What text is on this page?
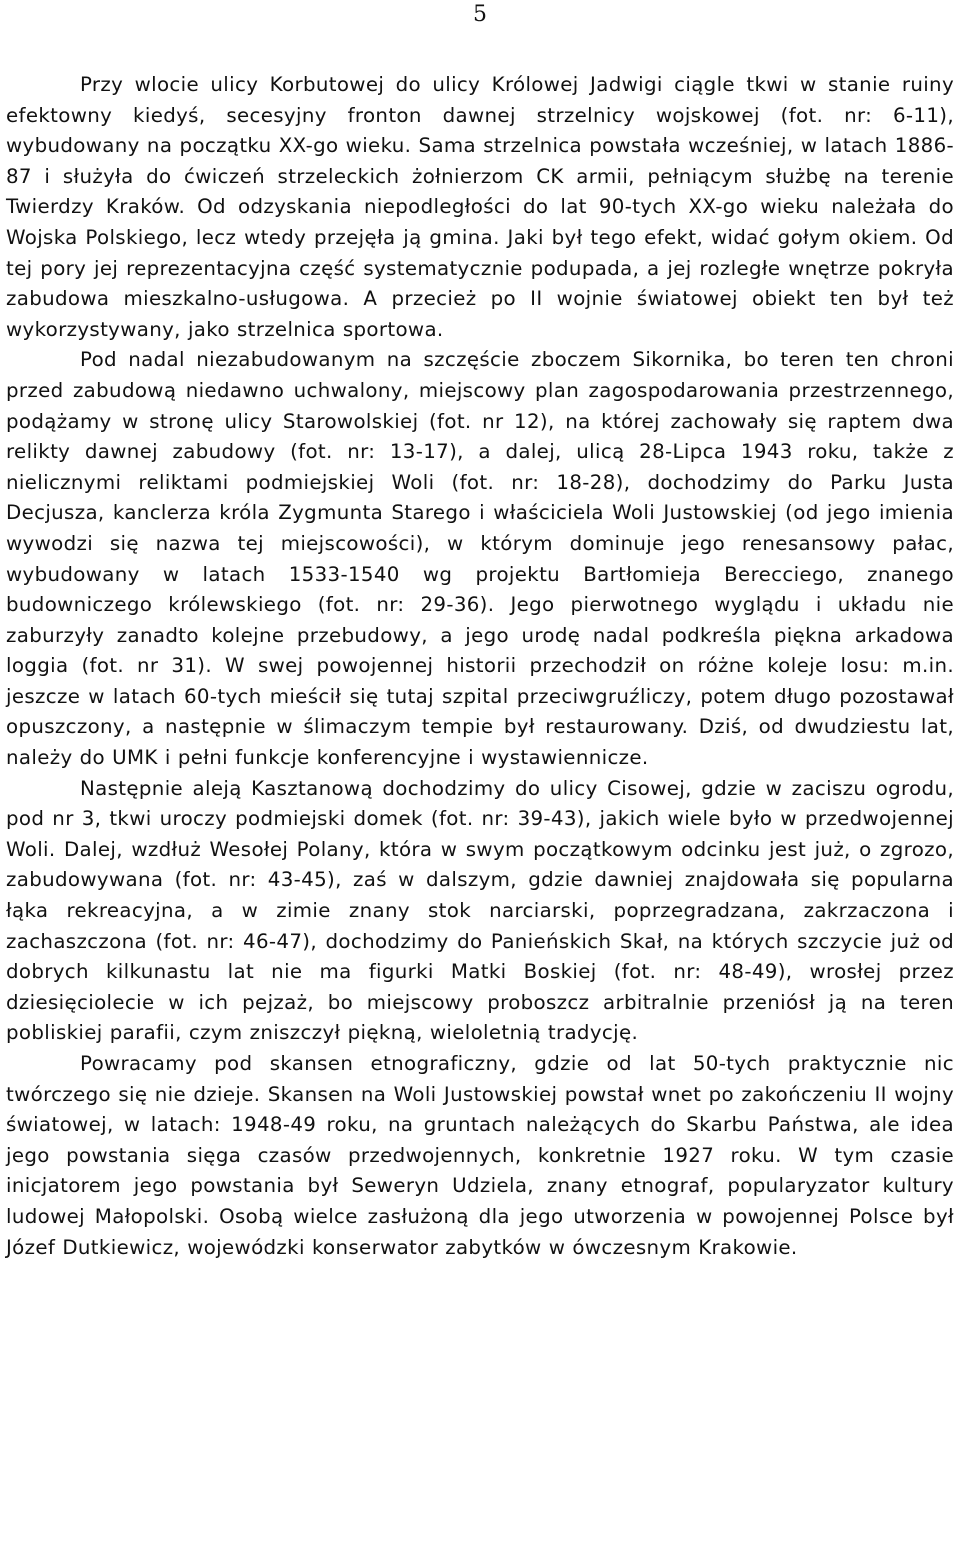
5

Przy wlocie ulicy Korbutowej do ulicy Królowej Jadwigi ciągle tkwi w stanie ruiny efektowny kiedyś, secesyjny fronton dawnej strzelnicy wojskowej (fot. nr: 6-11), wybudowany na początku XX-go wieku. Sama strzelnica powstała wcześniej, w latach 1886-87 i służyła do ćwiczeń strzeleckich żołnierzom CK armii, pełniącym służbę na terenie Twierdzy Kraków. Od odzyskania niepodległości do lat 90-tych XX-go wieku należała do Wojska Polskiego, lecz wtedy przejęła ją gmina. Jaki był tego efekt, widać gołym okiem. Od tej pory jej reprezentacyjna część systematycznie podupada, a jej rozległe wnętrze pokryła zabudowa mieszkalno-usługowa. A przecież po II wojnie światowej obiekt ten był też wykorzystywany, jako strzelnica sportowa.

Pod nadal niezabudowanym na szczęście zboczem Sikornika, bo teren ten chroni przed zabudową niedawno uchwalony, miejscowy plan zagospodarowania przestrzennego, podążamy w stronę ulicy Starowolskiej (fot. nr 12), na której zachowały się raptem dwa relikty dawnej zabudowy (fot. nr: 13-17), a dalej, ulicą 28-Lipca 1943 roku, także z nielicznymi reliktami podmiejskiej Woli (fot. nr: 18-28), dochodzimy do Parku Justa Decjusza, kanclerza króla Zygmunta Starego i właściciela Woli Justowskiej (od jego imienia wywodzi się nazwa tej miejscowości), w którym dominuje jego renesansowy pałac, wybudowany w latach 1533-1540 wg projektu Bartłomieja Berecciego, znanego budowniczego królewskiego (fot. nr: 29-36). Jego pierwotnego wyglądu i układu nie zaburzyły zanadto kolejne przebudowy, a jego urodę nadal podkreśla piękna arkadowa loggia (fot. nr 31). W swej powojennej historii przechodził on różne koleje losu: m.in. jeszcze w latach 60-tych mieścił się tutaj szpital przeciwgruźliczy, potem długo pozostawał opuszczony, a następnie w ślimaczym tempie był restaurowany. Dziś, od dwudziestu lat, należy do UMK i pełni funkcje konferencyjne i wystawiennicze.

Następnie aleją Kasztanową dochodzimy do ulicy Cisowej, gdzie w zaciszu ogrodu, pod nr 3, tkwi uroczy podmiejski domek (fot. nr: 39-43), jakich wiele było w przedwojennej Woli. Dalej, wzdłuż Wesołej Polany, która w swym początkowym odcinku jest już, o zgrozo, zabudowywana (fot. nr: 43-45), zaś w dalszym, gdzie dawniej znajdowała się popularna łąka rekreacyjna, a w zimie znany stok narciarski, poprzegradzana, zakrzaczona i zachaszczona (fot. nr: 46-47), dochodzimy do Panieńskich Skał, na których szczycie już od dobrych kilkunastu lat nie ma figurki Matki Boskiej (fot. nr: 48-49), wrosłej przez dziesięciolecie w ich pejzaż, bo miejscowy proboszcz arbitralnie przeniósł ją na teren pobliskiej parafii, czym zniszczył piękną, wieloletnią tradycję.

Powracamy pod skansen etnograficzny, gdzie od lat 50-tych praktycznie nic twórczego się nie dzieje. Skansen na Woli Justowskiej powstał wnet po zakończeniu II wojny światowej, w latach: 1948-49 roku, na gruntach należących do Skarbu Państwa, ale idea jego powstania sięga czasów przedwojennych, konkretnie 1927 roku. W tym czasie inicjatorem jego powstania był Seweryn Udziela, znany etnograf, popularyzator kultury ludowej Małopolski. Osobą wielce zasłużoną dla jego utworzenia w powojennej Polsce był Józef Dutkiewicz, wojewódzki konserwator zabytków w ówczesnym Krakowie.
